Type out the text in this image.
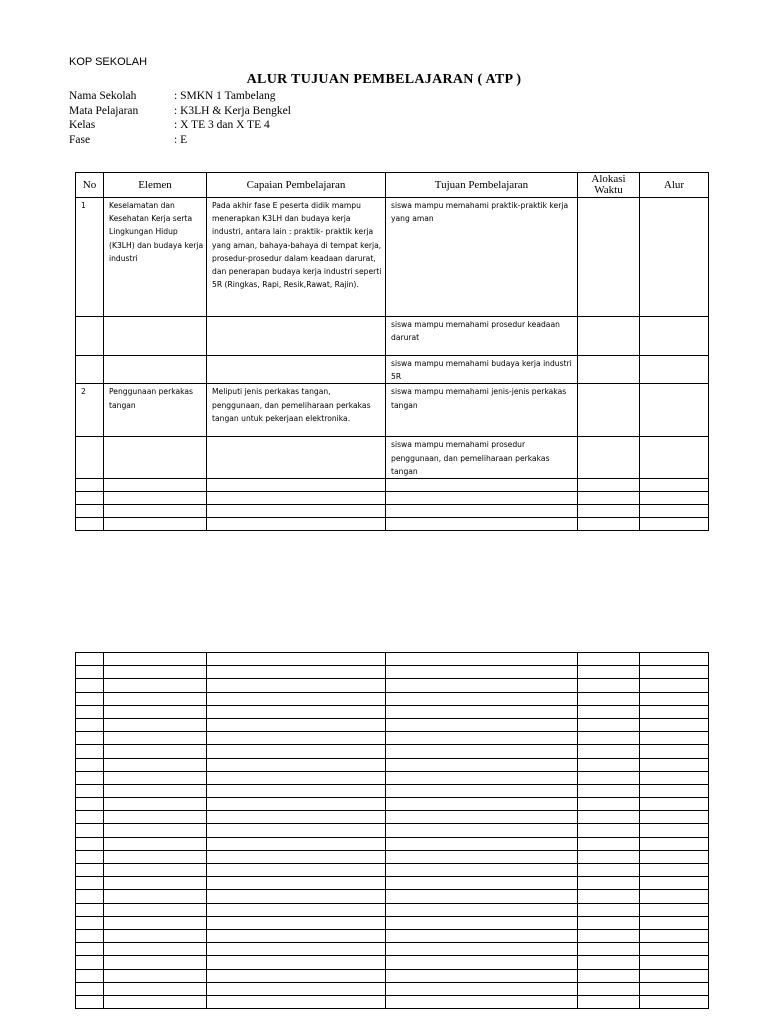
KOP SEKOLAH
ALUR TUJUAN PEMBELAJARAN ( ATP )
Nama Sekolah	: SMKN 1 Tambelang
Mata Pelajaran	: K3LH & Kerja Bengkel
Kelas	: X TE 3 dan X TE 4
Fase	: E
No	Elemen	Capaian Pembelajaran	Tujuan Pembelajaran	Alokasi Waktu	Alur
1	Keselamatan dan Kesehatan Kerja serta Lingkungan Hidup (K3LH) dan budaya kerja industri	Pada akhir fase E peserta didik mampu menerapkan K3LH dan budaya kerja industri, antara lain : praktik- praktik kerja yang aman, bahaya-bahaya di tempat kerja, prosedur-prosedur dalam keadaan darurat, dan penerapan budaya kerja industri seperti 5R (Ringkas, Rapi, Resik,Rawat, Rajin).	siswa mampu memahami praktik-praktik kerja yang aman		
			siswa mampu memahami prosedur keadaan darurat		
			siswa mampu memahami budaya kerja industri 5R		
2	Penggunaan perkakas tangan	Meliputi jenis perkakas tangan, penggunaan, dan pemeliharaan perkakas tangan untuk pekerjaan elektronika.	siswa mampu memahami jenis-jenis perkakas tangan		
			siswa mampu memahami prosedur penggunaan, dan pemeliharaan perkakas tangan		
